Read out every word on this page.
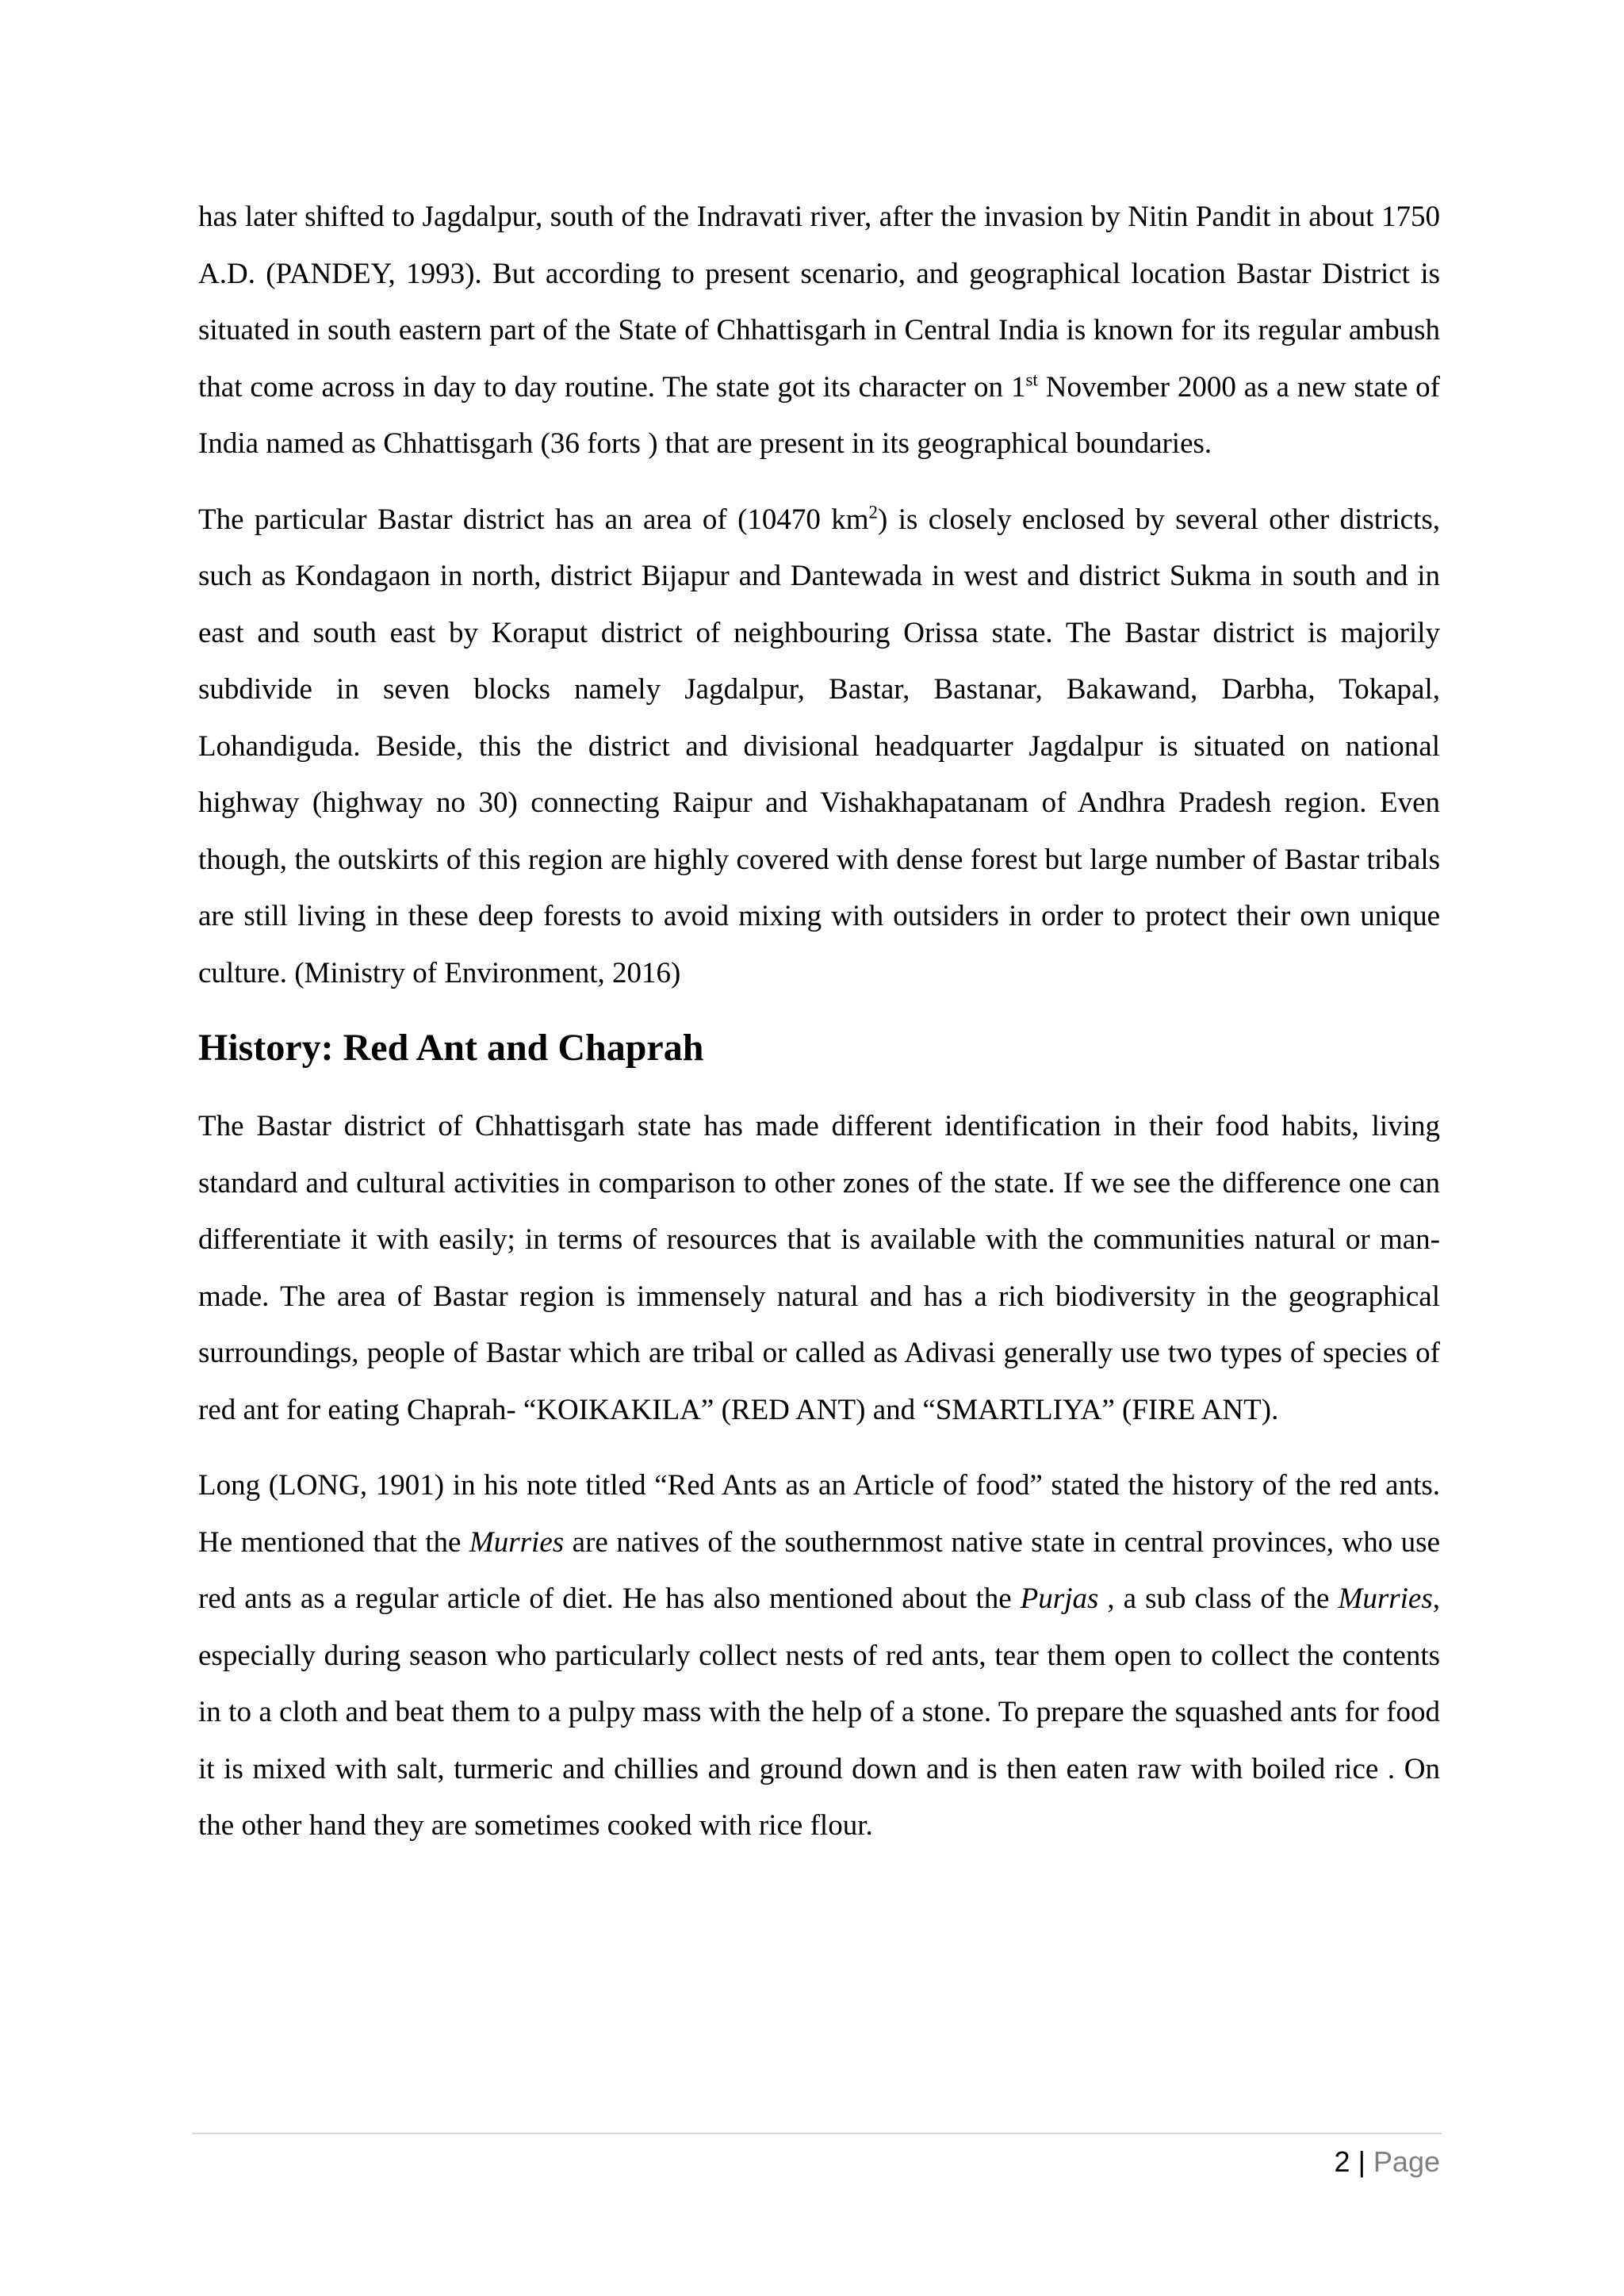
has later shifted to Jagdalpur, south of the Indravati river, after the invasion by Nitin Pandit in about 1750 A.D. (PANDEY, 1993). But according to present scenario, and geographical location Bastar District is situated in south eastern part of the State of Chhattisgarh in Central India is known for its regular ambush that come across in day to day routine. The state got its character on 1st November 2000 as a new state of India named as Chhattisgarh (36 forts ) that are present in its geographical boundaries.

The particular Bastar district has an area of (10470 $km^2$) is closely enclosed by several other districts, such as Kondagaon in north, district Bijapur and Dantewada in west and district Sukma in south and in east and south east by Koraput district of neighbouring Orissa state. The Bastar district is majorily subdivide in seven blocks namely Jagdalpur, Bastar, Bastanar, Bakawand, Darbha, Tokapal, Lohandiguda. Beside, this the district and divisional headquarter Jagdalpur is situated on national highway (highway no 30) connecting Raipur and Vishakhapatanam of Andhra Pradesh region. Even though, the outskirts of this region are highly covered with dense forest but large number of Bastar tribals are still living in these deep forests to avoid mixing with outsiders in order to protect their own unique culture. (Ministry of Environment, 2016)

History: Red Ant and Chaprah

The Bastar district of Chhattisgarh state has made different identification in their food habits, living standard and cultural activities in comparison to other zones of the state. If we see the difference one can differentiate it with easily; in terms of resources that is available with the communities natural or man-made. The area of Bastar region is immensely natural and has a rich biodiversity in the geographical surroundings, people of Bastar which are tribal or called as Adivasi generally use two types of species of red ant for eating Chaprah- “KOIKAKILA” (RED ANT) and “SMARTLIYA” (FIRE ANT).

Long (LONG, 1901) in his note titled “Red Ants as an Article of food” stated the history of the red ants. He mentioned that the Murries are natives of the southernmost native state in central provinces, who use red ants as a regular article of diet. He has also mentioned about the Purjas , a sub class of the Murries, especially during season who particularly collect nests of red ants, tear them open to collect the contents in to a cloth and beat them to a pulpy mass with the help of a stone. To prepare the squashed ants for food it is mixed with salt, turmeric and chillies and ground down and is then eaten raw with boiled rice . On the other hand they are sometimes cooked with rice flour.

2 | Page
